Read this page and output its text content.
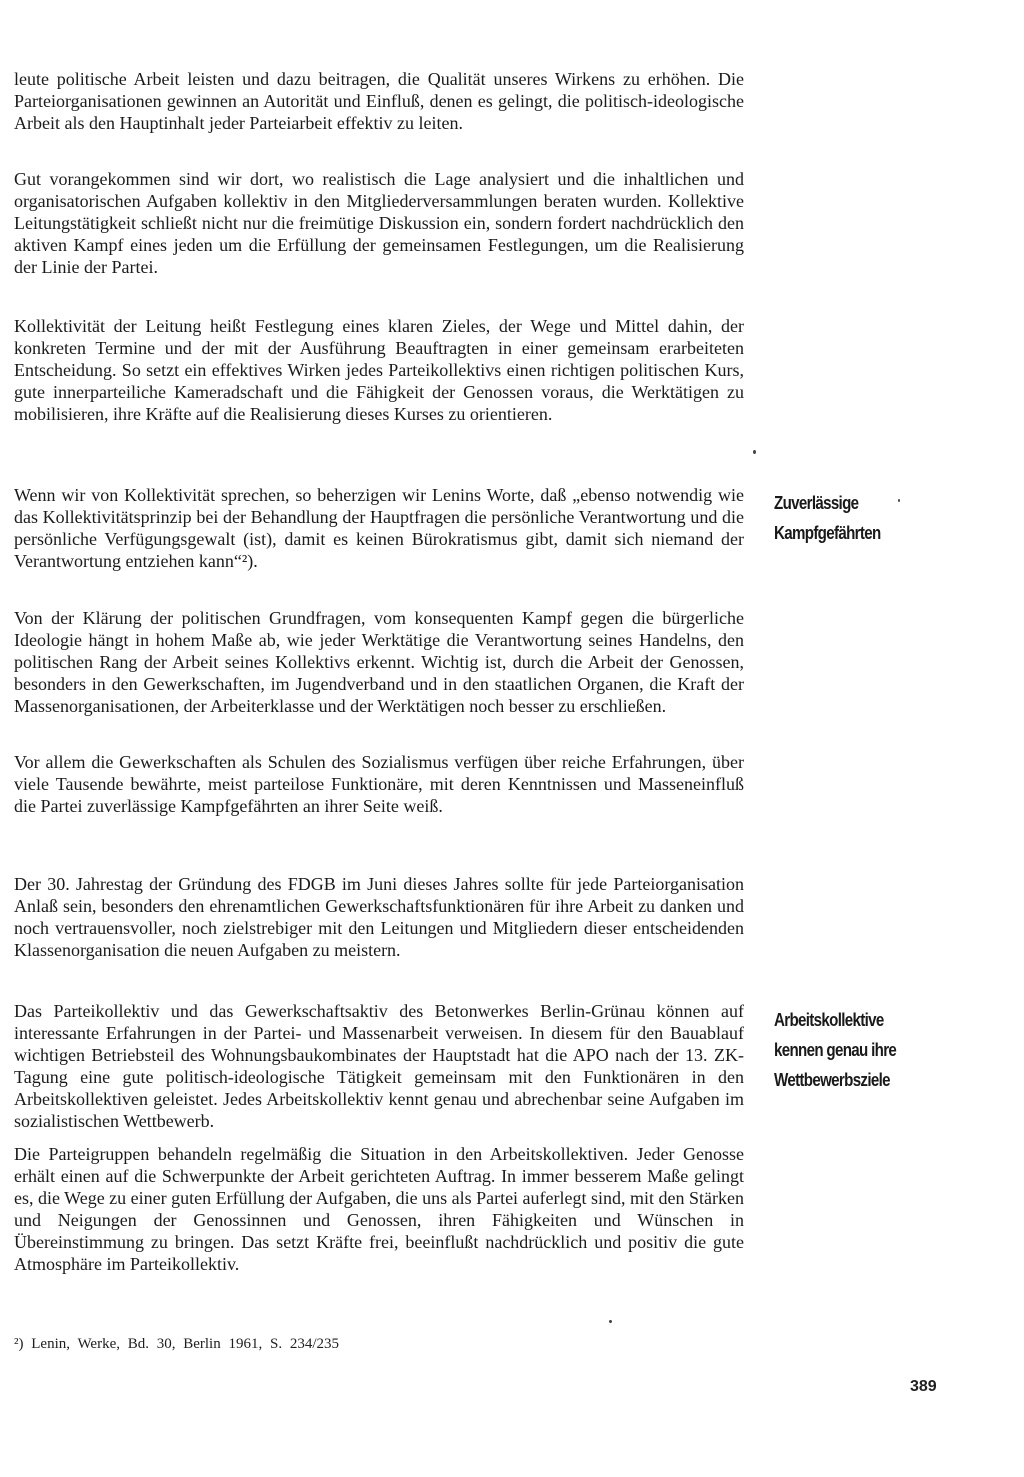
leute politische Arbeit leisten und dazu beitragen, die Qualität unseres Wirkens zu erhöhen. Die Parteiorganisationen gewinnen an Autorität und Einfluß, denen es gelingt, die politisch-ideologische Arbeit als den Hauptinhalt jeder Parteiarbeit effektiv zu leiten.

Gut vorangekommen sind wir dort, wo realistisch die Lage analysiert und die inhaltlichen und organisatorischen Aufgaben kollektiv in den Mitgliederversammlungen beraten wurden. Kollektive Leitungstätigkeit schließt nicht nur die freimütige Diskussion ein, sondern fordert nachdrücklich den aktiven Kampf eines jeden um die Erfüllung der gemeinsamen Festlegungen, um die Realisierung der Linie der Partei.

Kollektivität der Leitung heißt Festlegung eines klaren Zieles, der Wege und Mittel dahin, der konkreten Termine und der mit der Ausführung Beauftragten in einer gemeinsam erarbeiteten Entscheidung. So setzt ein effektives Wirken jedes Parteikollektivs einen richtigen politischen Kurs, gute innerparteiliche Kameradschaft und die Fähigkeit der Genossen voraus, die Werktätigen zu mobilisieren, ihre Kräfte auf die Realisierung dieses Kurses zu orientieren.

Wenn wir von Kollektivität sprechen, so beherzigen wir Lenins Worte, daß „ebenso notwendig wie das Kollektivitätsprinzip bei der Behandlung der Hauptfragen die persönliche Verantwortung und die persönliche Verfügungsgewalt (ist), damit es keinen Bürokratismus gibt, damit sich niemand der Verantwortung entziehen kann“²).

Von der Klärung der politischen Grundfragen, vom konsequenten Kampf gegen die bürgerliche Ideologie hängt in hohem Maße ab, wie jeder Werktätige die Verantwortung seines Handelns, den politischen Rang der Arbeit seines Kollektivs erkennt. Wichtig ist, durch die Arbeit der Genossen, besonders in den Gewerkschaften, im Jugendverband und in den staatlichen Organen, die Kraft der Massenorganisationen, der Arbeiterklasse und der Werktätigen noch besser zu erschließen.

Vor allem die Gewerkschaften als Schulen des Sozialismus verfügen über reiche Erfahrungen, über viele Tausende bewährte, meist parteilose Funktionäre, mit deren Kenntnissen und Masseneinfluß die Partei zuverlässige Kampfgefährten an ihrer Seite weiß.

Der 30. Jahrestag der Gründung des FDGB im Juni dieses Jahres sollte für jede Parteiorganisation Anlaß sein, besonders den ehrenamtlichen Gewerkschaftsfunktionären für ihre Arbeit zu danken und noch vertrauensvoller, noch zielstrebiger mit den Leitungen und Mitgliedern dieser entscheidenden Klassenorganisation die neuen Aufgaben zu meistern.

Das Parteikollektiv und das Gewerkschaftsaktiv des Betonwerkes Berlin-Grünau können auf interessante Erfahrungen in der Partei- und Massenarbeit verweisen. In diesem für den Bauablauf wichtigen Betriebsteil des Wohnungsbaukombinates der Hauptstadt hat die APO nach der 13. ZK-Tagung eine gute politisch-ideologische Tätigkeit gemeinsam mit den Funktionären in den Arbeitskollektiven geleistet. Jedes Arbeitskollektiv kennt genau und abrechenbar seine Aufgaben im sozialistischen Wettbewerb.

Die Parteigruppen behandeln regelmäßig die Situation in den Arbeitskollektiven. Jeder Genosse erhält einen auf die Schwerpunkte der Arbeit gerichteten Auftrag. In immer besserem Maße gelingt es, die Wege zu einer guten Erfüllung der Aufgaben, die uns als Partei auferlegt sind, mit den Stärken und Neigungen der Genossinnen und Genossen, ihren Fähigkeiten und Wünschen in Übereinstimmung zu bringen. Das setzt Kräfte frei, beeinflußt nachdrücklich und positiv die gute Atmosphäre im Parteikollektiv.

Zuverlässige
Kampfgefährten
Arbeitskollektive
kennen genau ihre
Wettbewerbsziele
²) Lenin, Werke, Bd. 30, Berlin 1961, S. 234/235
389
